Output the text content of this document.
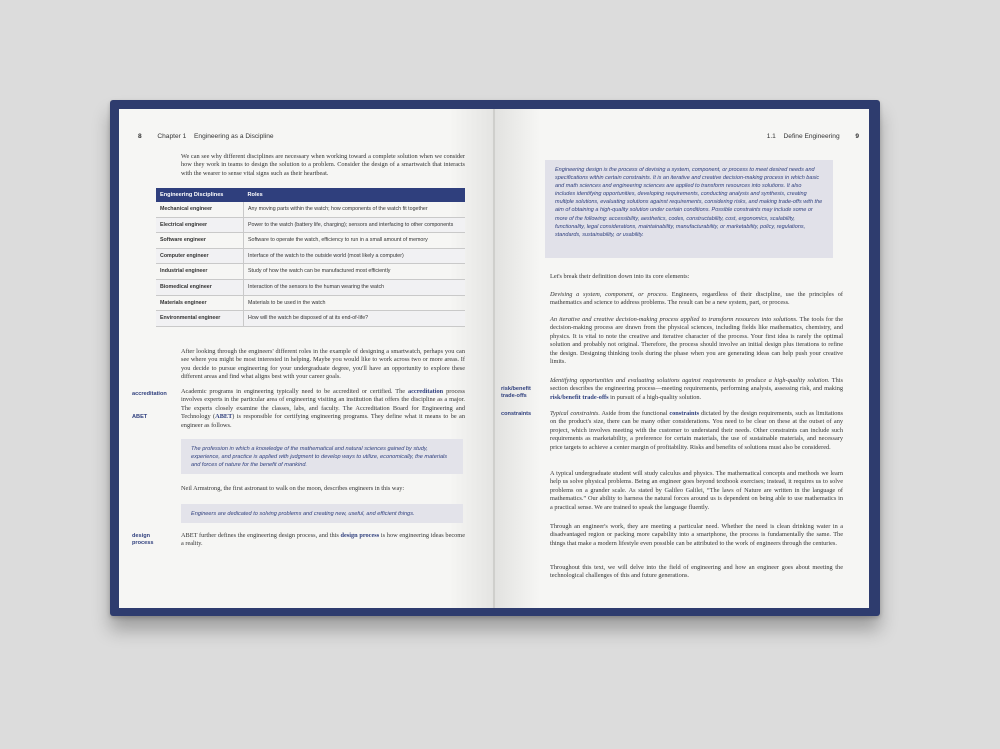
8 Chapter 1 Engineering as a Discipline

We can see why different disciplines are necessary when working toward a complete solution when we consider how they work in teams to design the solution to a problem. Consider the design of a smartwatch that interacts with the wearer to sense vital signs such as their heartbeat.

Engineering Disciplines	Roles
Mechanical engineer	Any moving parts within the watch; how components of the watch fit together
Electrical engineer	Power to the watch (battery life, charging); sensors and interfacing to other components
Software engineer	Software to operate the watch, efficiency to run in a small amount of memory
Computer engineer	Interface of the watch to the outside world (most likely a computer)
Industrial engineer	Study of how the watch can be manufactured most efficiently
Biomedical engineer	Interaction of the sensors to the human wearing the watch
Materials engineer	Materials to be used in the watch
Environmental engineer	How will the watch be disposed of at its end-of-life?

After looking through the engineers' different roles in the example of designing a smartwatch, perhaps you can see where you might be most interested in helping. Maybe you would like to work across two or more areas. If you decide to pursue engineering for your undergraduate degree, you'll have an opportunity to explore these different areas and find what aligns best with your career goals.

accreditation
ABET

Academic programs in engineering typically need to be accredited or certified. The accreditation process involves experts in the particular area of engineering visiting an institution that offers the discipline as a major. The experts closely examine the classes, labs, and faculty. The Accreditation Board for Engineering and Technology (ABET) is responsible for certifying engineering programs. They define what it means to be an engineer as follows.

The profession in which a knowledge of the mathematical and natural sciences gained by study, experience, and practice is applied with judgment to develop ways to utilize, economically, the materials and forces of nature for the benefit of mankind.

Neil Armstrong, the first astronaut to walk on the moon, describes engineers in this way:

Engineers are dedicated to solving problems and creating new, useful, and efficient things.
design process

ABET further defines the engineering design process, and this design process is how engineering ideas become a reality.

1.1 Define Engineering 9
Engineering design is the process of devising a system, component, or process to meet desired needs and specifications within certain constraints. It is an iterative and creative decision-making process in which basic and math sciences and engineering sciences are applied to transform resources into solutions. It also includes identifying opportunities, developing requirements, conducting analysis and synthesis, creating multiple solutions, evaluating solutions against requirements, considering risks, and making trade-offs with the aim of obtaining a high-quality solution under certain conditions. Possible constraints may include some or more of the following: accessibility, aesthetics, codes, constructability, cost, ergonomics, scalability, functionality, legal considerations, maintainability, manufacturability, or marketability, policy, regulations, standards, sustainability, or usability.

Let's break their definition down into its core elements:

Devising a system, component, or process. Engineers, regardless of their discipline, use the principles of mathematics and science to address problems. The result can be a new system, part, or process.

An iterative and creative decision-making process applied to transform resources into solutions. The tools for the decision-making process are drawn from the physical sciences, including fields like mathematics, chemistry, and physics. It is vital to note the creative and iterative character of the process. Your first idea is rarely the optimal solution and probably not original. Therefore, the process should involve an initial design plus iterations to refine the design. Designing thinking tools during the phase when you are generating ideas can help push your creative limits.

risk/benefit trade-offs

Identifying opportunities and evaluating solutions against requirements to produce a high-quality solution. This section describes the engineering process—meeting requirements, performing analysis, assessing risk, and making risk/benefit trade-offs in pursuit of a high-quality solution.

constraints	Typical constraints. Aside from the functional constraints dictated by the design requirements, such as limitations on the product's size, there can be many other considerations. You need to be clear on these at the outset of any project, which involves meeting with the customer to understand their needs. Other constraints can include such requirements as marketability, a preference for certain materials, the use of sustainable materials, and necessary price targets to achieve a center margin of profitability. Risks and benefits of solutions must also be considered.

A typical undergraduate student will study calculus and physics. The mathematical concepts and methods we learn help us solve physical problems. Being an engineer goes beyond textbook exercises; instead, it requires us to solve problems on a grander scale. As stated by Galileo Galilei, “The laws of Nature are written in the language of mathematics.” Our ability to harness the natural forces around us is dependent on being able to use mathematics in a practical sense. We are trained to speak the language fluently.

Through an engineer's work, they are meeting a particular need. Whether the need is clean drinking water in a disadvantaged region or packing more capability into a smartphone, the process is fundamentally the same. The things that make a modern lifestyle even possible can be attributed to the work of engineers through the centuries.

Throughout this text, we will delve into the field of engineering and how an engineer goes about meeting the technological challenges of this and future generations.
